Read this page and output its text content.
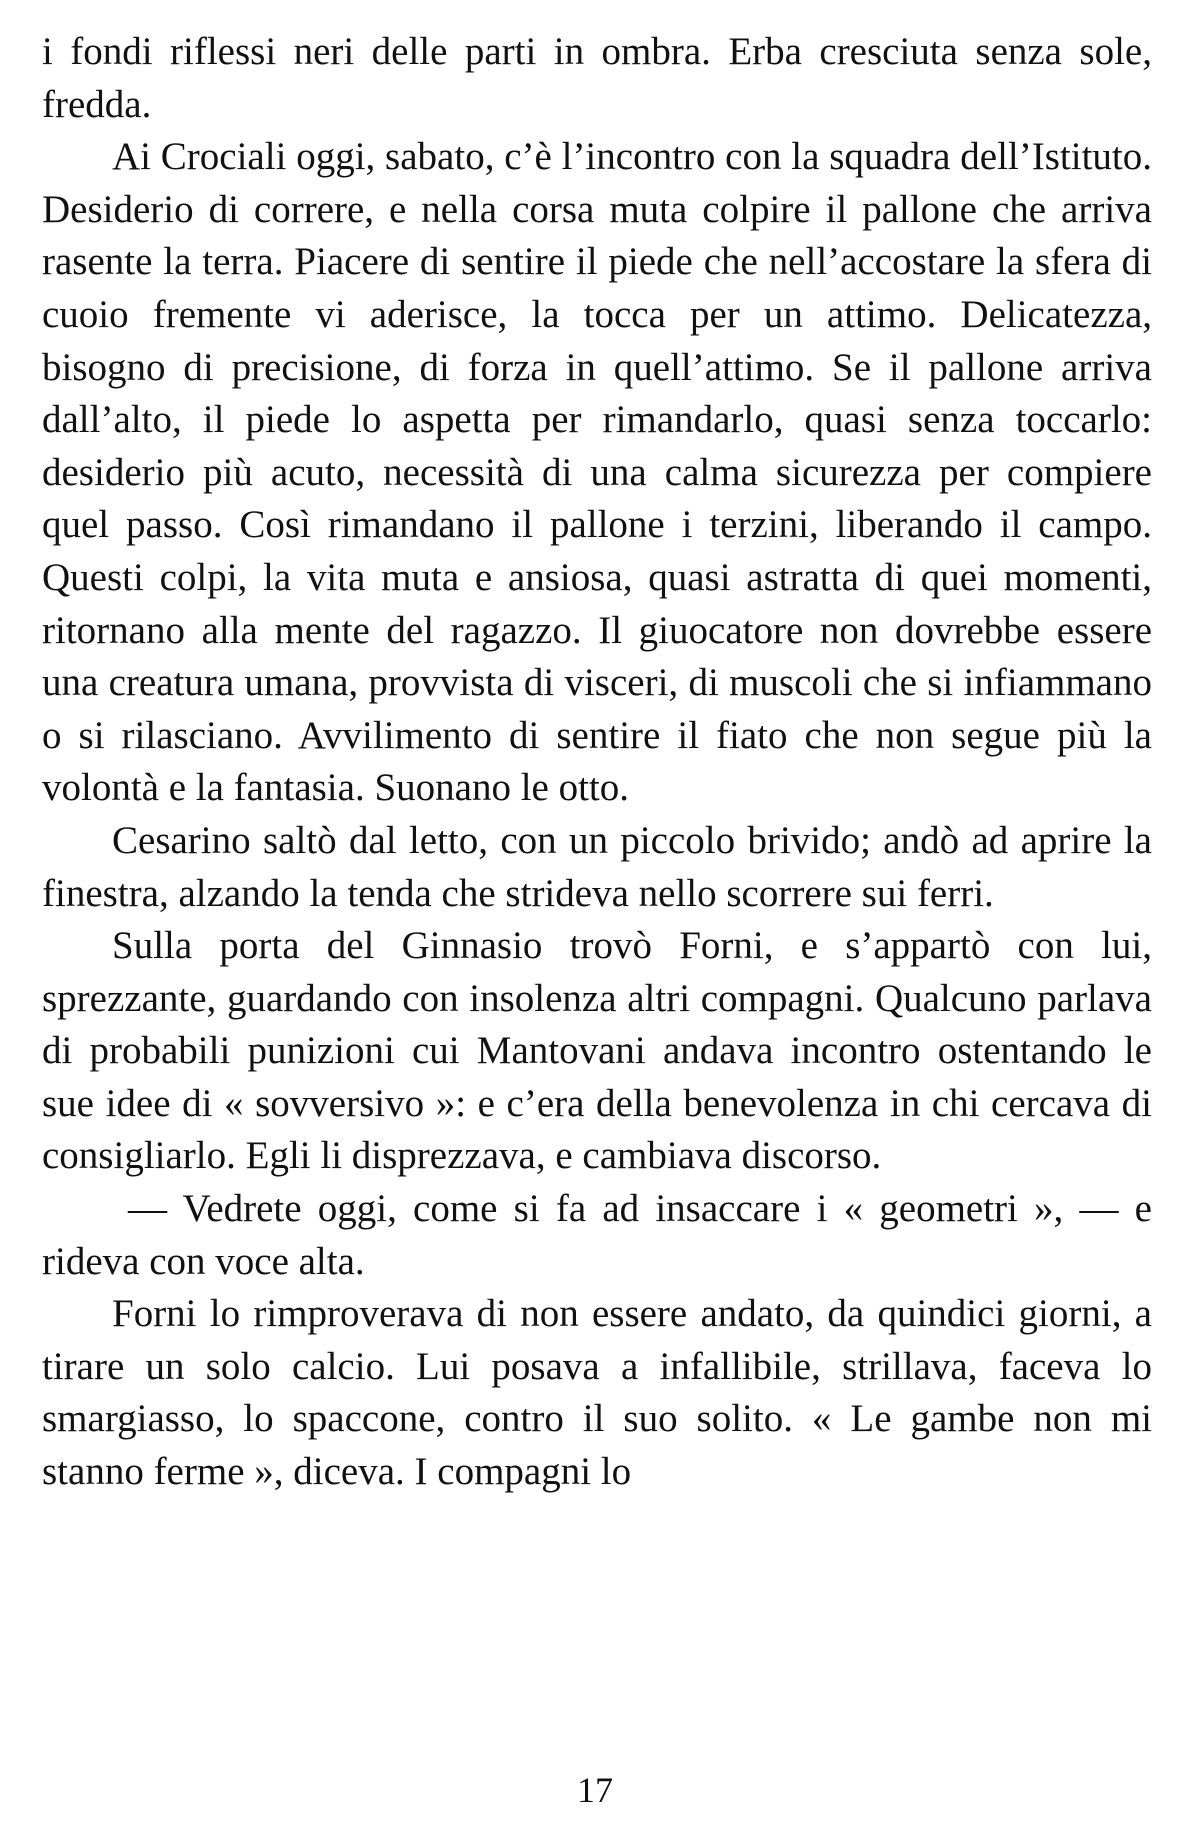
i fondi riflessi neri delle parti in ombra. Erba cresciuta senza sole, fredda.

Ai Crociali oggi, sabato, c’è l’incontro con la squadra dell’Istituto. Desiderio di correre, e nella corsa muta colpire il pallone che arriva rasente la terra. Piacere di sentire il piede che nell’accostare la sfera di cuoio fremente vi aderisce, la tocca per un attimo. Delicatezza, bisogno di precisione, di forza in quell’attimo. Se il pallone arriva dall’alto, il piede lo aspetta per rimandarlo, quasi senza toccarlo: desiderio più acuto, necessità di una calma sicurezza per compiere quel passo. Così rimandano il pallone i terzini, liberando il campo. Questi colpi, la vita muta e ansiosa, quasi astratta di quei momenti, ritornano alla mente del ragazzo. Il giuocatore non dovrebbe essere una creatura umana, provvista di visceri, di muscoli che si infiammano o si rilasciano. Avvilimento di sentire il fiato che non segue più la volontà e la fantasia. Suonano le otto.

Cesarino saltò dal letto, con un piccolo brivido; andò ad aprire la finestra, alzando la tenda che strideva nello scorrere sui ferri.

Sulla porta del Ginnasio trovò Forni, e s’appartò con lui, sprezzante, guardando con insolenza altri compagni. Qualcuno parlava di probabili punizioni cui Mantovani andava incontro ostentando le sue idee di « sovversivo »: e c’era della benevolenza in chi cercava di consigliarlo. Egli li disprezzava, e cambiava discorso.

— Vedrete oggi, come si fa ad insaccare i « geometri », — e rideva con voce alta.

Forni lo rimproverava di non essere andato, da quindici giorni, a tirare un solo calcio. Lui posava a infallibile, strillava, faceva lo smargiasso, lo spaccone, contro il suo solito. « Le gambe non mi stanno ferme », diceva. I compagni lo

17
